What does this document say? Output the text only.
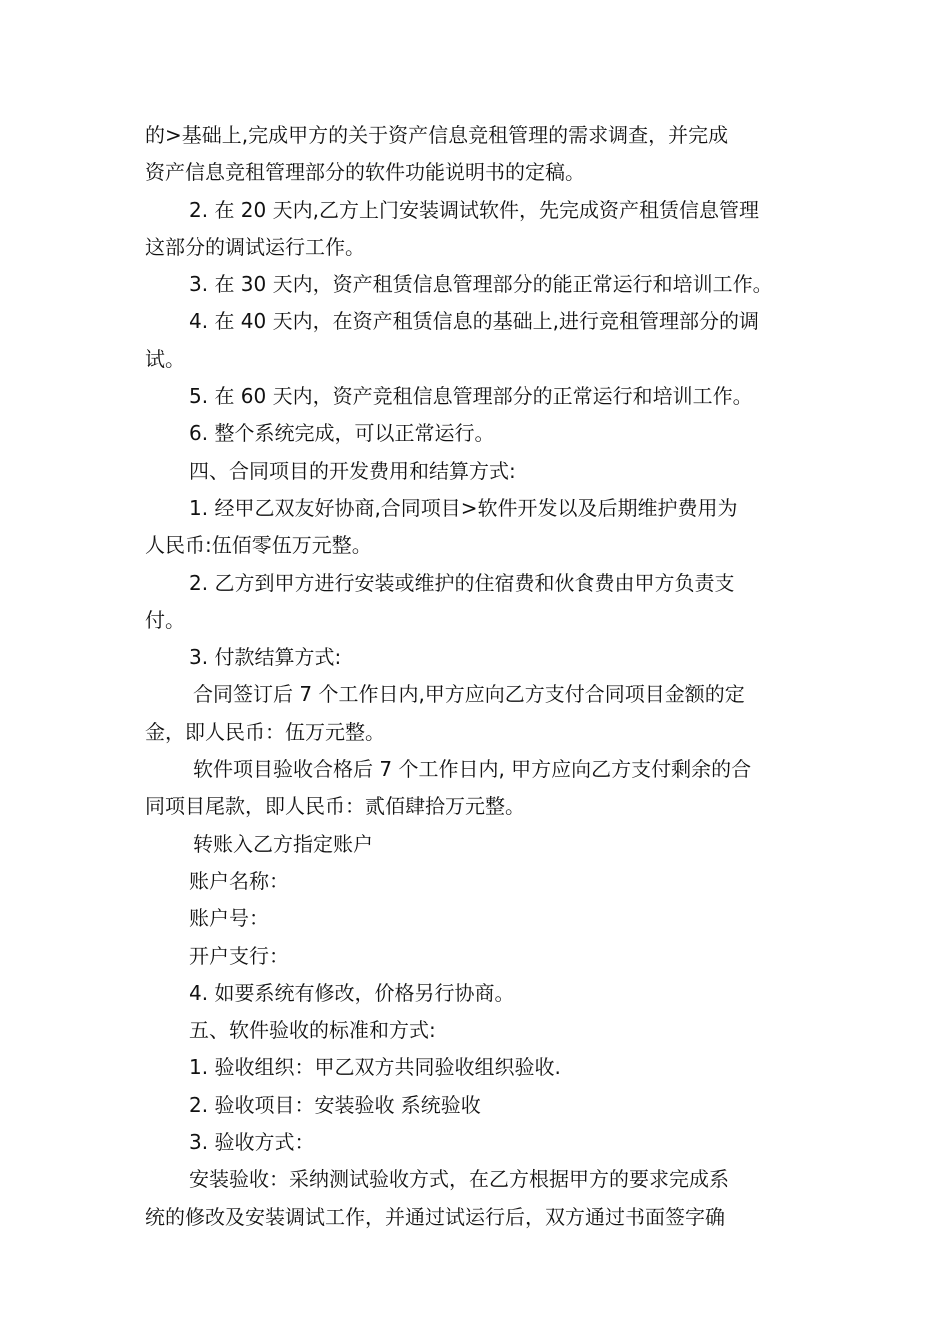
的>基础上,完成甲方的关于资产信息竞租管理的需求调查，并完成
资产信息竞租管理部分的软件功能说明书的定稿。
2. 在 20 天内,乙方上门安装调试软件，先完成资产租赁信息管理
这部分的调试运行工作。
3. 在 30 天内，资产租赁信息管理部分的能正常运行和培训工作。
4. 在 40 天内，在资产租赁信息的基础上,进行竞租管理部分的调
试。
5. 在 60 天内，资产竞租信息管理部分的正常运行和培训工作。
6. 整个系统完成，可以正常运行。
四、合同项目的开发费用和结算方式:
1. 经甲乙双友好协商,合同项目>软件开发以及后期维护费用为
人民币:伍佰零伍万元整。
2. 乙方到甲方进行安装或维护的住宿费和伙食费由甲方负责支
付。
3. 付款结算方式:
合同签订后 7 个工作日内,甲方应向乙方支付合同项目金额的定
金，即人民币：伍万元整。
软件项目验收合格后 7 个工作日内, 甲方应向乙方支付剩余的合
同项目尾款，即人民币：贰佰肆拾万元整。
转账入乙方指定账户
账户名称：
账户号：
开户支行：
4. 如要系统有修改，价格另行协商。
五、软件验收的标准和方式:
1. 验收组织：甲乙双方共同验收组织验收.
2. 验收项目：安装验收 系统验收
3. 验收方式：
安装验收：采纳测试验收方式，在乙方根据甲方的要求完成系
统的修改及安装调试工作，并通过试运行后，双方通过书面签字确
